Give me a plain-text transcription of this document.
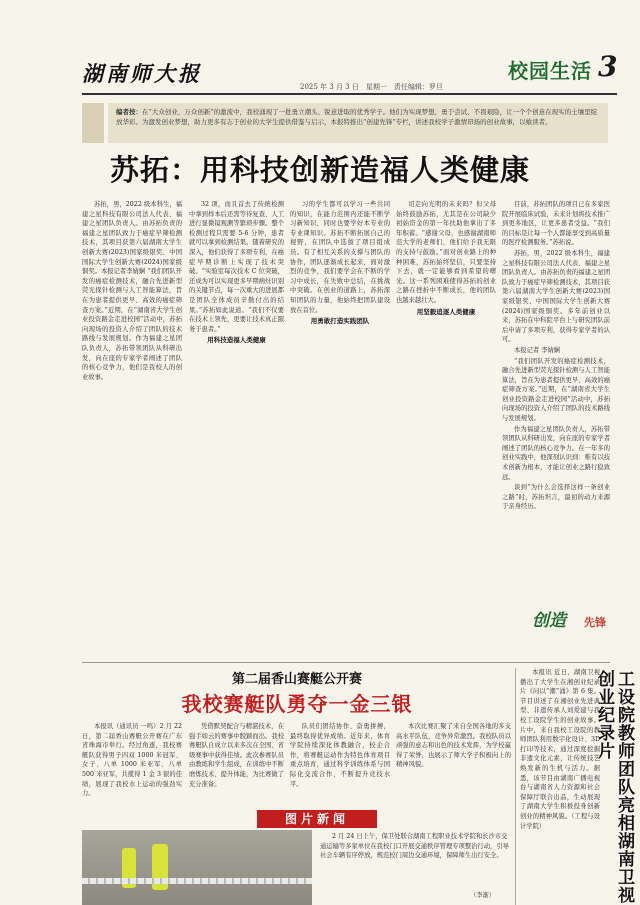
湖南师大报
2025 年 3 月 3 日　星期一　责任编辑：罗旦
校园生活 3
编者按：在“大众创业，万众创新”的激流中，我校涌现了一批勇立潮头、锐意进取的优秀学子。他们为实现梦想，勇于尝试、不畏艰险，让一个个创意在现实的土壤里绽放华彩。为激发创业梦想，助力更多有志于创业的大学生提供借鉴与启示，本报特推出“创建先锋”专栏，讲述我校学子激情昂扬的创业故事，以飨读者。
苏拓：用科技创新造福人类健康

苏拓，男，2022 级本科生，福建之星科技有限公司法人代表、福建之星团队负责人。由苏拓负责的福建之星团队致力于癌症早筛检测技术，其项目获第六届湖南大学生创新大赛(2023)国家级银奖、中国国际大学生创新大赛(2024)国家级铜奖。本报记者李婧娴 “我们团队开发的癌症检测技术，融合先进新型荧光探针检测与人工智能算法，旨在为患者提供更早、高效的癌症筛查方案。”近期，在“湖南省大学生创业投资路金走进校园”活动中，苏拓向现场的投资人介绍了团队的技术路线与发展规划。作为福建之星团队负责人，苏拓带领团队从科研出发，向在座的专家学者阐述了团队的核心竞争力，他们是我校人的创业故事。

32 项，而且首去了传统检测中拿到样本后还需等待复查、人工进行显微镜观测等繁琐步骤。整个检测过程只需要 5-6 分钟，患者就可以拿到检测结果。随着研究的深入，他们获得了多项专利，在癌症早期诊断上实现了技术突破。“实验室每次技术 C 位突破，还成为可以实现更多早期病灶识别的关键节点，每一次重大的进展都是团队全体成员辛勤付出的结果。”苏拓如此说道。“我们不仅要在技术上领先，更要让技术真正服务于患者。”

用科技造福人类健康

习的学生都可以学习一些共同的知识，在能力范围内还能不断学习新知识，同时也要学好本专业的专业课知识。苏拓不断拓展自己的视野，在团队中选拔了项目组成员。有了相互关系的支撑与团队的协作，团队逐渐成长起来，面对激烈的竞争，我们要学会在不断的学习中成长，在失败中总结，在挑战中突破。在创业的道路上，苏拓深知团队的力量，他始终把团队建设放在首位。

用勇敢打造实践团队

司走向光明的未来吗？但父母始终鼓励苏拓，尤其是在公司缺少初始资金的第一年扶助他拿出了多年积蓄。“感谢父母，也感谢湖南师范大学的老师们，他们给予我无限的支持与鼓励。”面对创业路上的种种困难，苏拓始终坚信，只要坚持下去，就一定能够看到希望的曙光。这一系列困难使得苏拓的创业之路在挫折中不断成长，他的团队也越来越壮大。

用坚毅追逐人类健康

目前，苏拓团队的项目已在多家医院开展临床试验，未来计划将技术推广到更多地区，让更多患者受益。“我们的目标是让每一个人都能享受到高质量的医疗检测服务。”苏拓说。

苏拓，男，2022 级本科生，福建之星科技有限公司法人代表、福建之星团队负责人。由苏拓负责的福建之星团队致力于癌症早筛检测技术，其项目获第六届湖南大学生创新大赛(2023)国家级银奖、中国国际大学生创新大赛(2024)国家级铜奖。多年前创业以来，苏拓在中科院平台上与研究团队前后申请了多项专利，获得专家学者的认可。

本报记者 李婧娴

“我们团队开发的癌症检测技术，融合先进新型荧光探针检测与人工智能算法，旨在为患者提供更早、高效的癌症筛查方案。”近期，在“湖南省大学生创业投资路金走进校园”活动中，苏拓向现场的投资人介绍了团队的技术路线与发展规划。

作为福建之星团队负责人，苏拓带领团队从科研出发，向在座的专家学者阐述了团队的核心竞争力。在一年多的创业实践中，他深刻认识到：唯有以技术创新为根本，才能让创业之路行稳致远。

谈到“为什么会选择这样一条创业之路”时，苏拓坦言，最初的动力来源于亲身经历。

创造 先锋
第二届香山赛艇公开赛
我校赛艇队勇夺一金三银

本报讯（通讯员 一鸣）2 月 22 日，第二届香山赛艇公开赛在广东省珠海市举行。经过角逐，我校赛艇队获得男子四双 1000 米冠军、女子、八单 1000 米亚军、八单 500 米亚军，共揽得 1 金 3 银的佳绩，展现了我校水上运动的强劲实力。

凭借默契配合与精湛技术，在强手如云的赛事中脱颖而出。我校赛艇队自成立以来多次在全国、省级赛事中获得佳绩。此次参赛队员由教练和学生组成，在训练中不断磨炼技术、提升体能，为比赛做了充分准备。

队员们团结协作、奋勇拼搏，最终取得优异成绩。近年来，体育学院持续深化体教融合，校企合作，将赛艇运动作为特色体育项目重点培育，通过科学训练体系与国际化交流合作，不断提升竞技水平。

本次比赛汇聚了来自全国各地的多支高水平队伍，竞争异常激烈。我校队员以顽强的意志和出色的技术发挥，为学校赢得了荣誉，也展示了师大学子积极向上的精神风貌。

图片新闻

2 月 24 日上午，保卫处联合湖南工程职业技术学院和长沙市交通运输等多家单位在我校门口开展交通秩序管理专项整治行动，引导社会车辆有序停放，规范校门周边交通环境，保障师生出行安全。

（李渐）

本报讯 近日，湖南卫视播出了大学生在湘创业纪录片《问以“潮”涌》第 6 集。节目讲述了在湘创业先进典型、非遗传承人刘爱建与我校工设院学生的创业故事。片中，来自我校工设院的教师团队利用数字化设计、3D 打印等技术，通过深度挖掘非遗文化元素，让传统技艺焕发新的生机与活力。据悉，该节目由湖南广播电视台与湖南省人力资源和社会保障厅联合出品，生动展现了湖南大学生积极投身创新创业的精神风貌。（工程与设计学院）	工设院教师团队亮相湖南卫视创业纪录片
